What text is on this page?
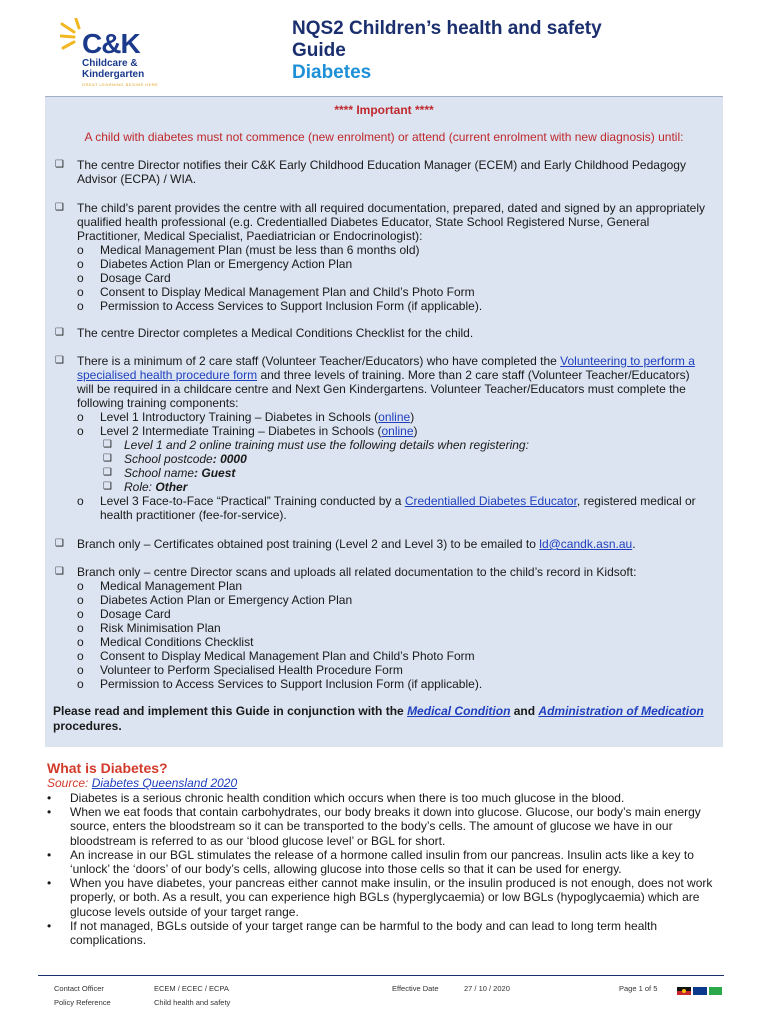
C&K
Childcare &
Kindergarten
GREAT LEARNING BEGINS HERE
NQS2 Children’s health and safety
Guide
Diabetes
**** Important ****
A child with diabetes must not commence (new enrolment) or attend (current enrolment with new diagnosis) until:
❑ The centre Director notifies their C&K Early Childhood Education Manager (ECEM) and Early Childhood Pedagogy Advisor (ECPA) / WIA.
❑ The child's parent provides the centre with all required documentation, prepared, dated and signed by an appropriately qualified health professional (e.g. Credentialled Diabetes Educator, State School Registered Nurse, General Practitioner, Medical Specialist, Paediatrician or Endocrinologist):
o Medical Management Plan (must be less than 6 months old)
o Diabetes Action Plan or Emergency Action Plan
o Dosage Card
o Consent to Display Medical Management Plan and Child’s Photo Form
o Permission to Access Services to Support Inclusion Form (if applicable).
❑ The centre Director completes a Medical Conditions Checklist for the child.
❑ There is a minimum of 2 care staff (Volunteer Teacher/Educators) who have completed the Volunteering to perform a specialised health procedure form and three levels of training. More than 2 care staff (Volunteer Teacher/Educators) will be required in a childcare centre and Next Gen Kindergartens. Volunteer Teacher/Educators must complete the following training components:
o Level 1 Introductory Training – Diabetes in Schools (online)
o Level 2 Intermediate Training – Diabetes in Schools (online)
❑ Level 1 and 2 online training must use the following details when registering:
❑ School postcode: 0000
❑ School name: Guest
❑ Role: Other
o Level 3 Face-to-Face “Practical” Training conducted by a Credentialled Diabetes Educator, registered medical or health practitioner (fee-for-service).
❑ Branch only – Certificates obtained post training (Level 2 and Level 3) to be emailed to ld@candk.asn.au.
❑ Branch only – centre Director scans and uploads all related documentation to the child’s record in Kidsoft:
o Medical Management Plan
o Diabetes Action Plan or Emergency Action Plan
o Dosage Card
o Risk Minimisation Plan
o Medical Conditions Checklist
o Consent to Display Medical Management Plan and Child’s Photo Form
o Volunteer to Perform Specialised Health Procedure Form
o Permission to Access Services to Support Inclusion Form (if applicable).
Please read and implement this Guide in conjunction with the Medical Condition and Administration of Medication procedures.
What is Diabetes?
Source: Diabetes Queensland 2020
• Diabetes is a serious chronic health condition which occurs when there is too much glucose in the blood.
• When we eat foods that contain carbohydrates, our body breaks it down into glucose. Glucose, our body’s main energy source, enters the bloodstream so it can be transported to the body’s cells. The amount of glucose we have in our bloodstream is referred to as our ‘blood glucose level’ or BGL for short.
• An increase in our BGL stimulates the release of a hormone called insulin from our pancreas. Insulin acts like a key to ‘unlock’ the ‘doors’ of our body’s cells, allowing glucose into those cells so that it can be used for energy.
• When you have diabetes, your pancreas either cannot make insulin, or the insulin produced is not enough, does not work properly, or both. As a result, you can experience high BGLs (hyperglycaemia) or low BGLs (hypoglycaemia) which are glucose levels outside of your target range.
• If not managed, BGLs outside of your target range can be harmful to the body and can lead to long term health complications.
Contact Officer	ECEM / ECEC / ECPA
Policy Reference	Child health and safety
Effective Date	27 / 10 / 2020	Page 1 of 5
